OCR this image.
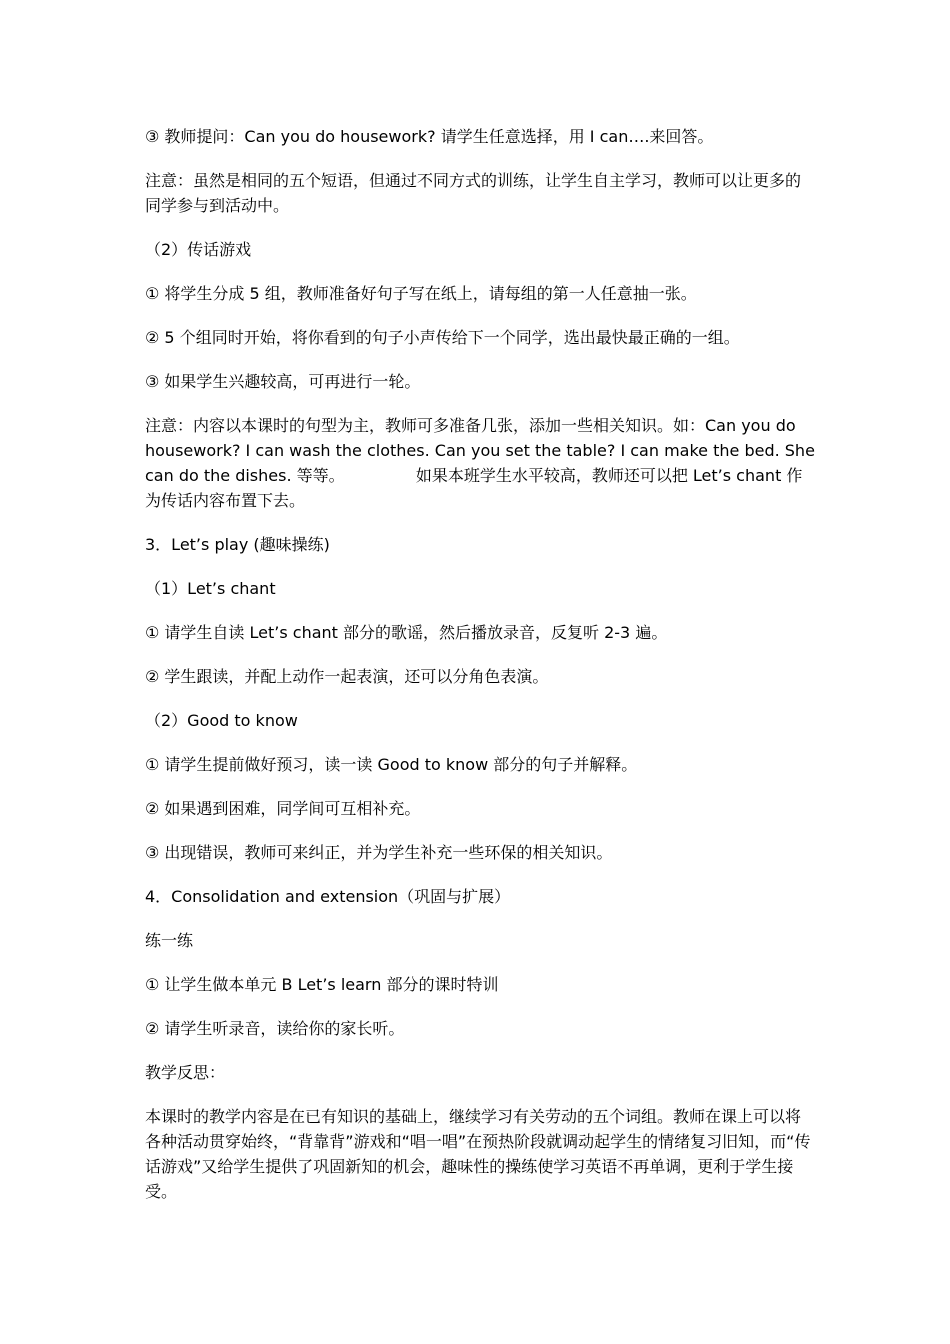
③ 教师提问：Can you do housework? 请学生任意选择，用 I can….来回答。

注意：虽然是相同的五个短语，但通过不同方式的训练，让学生自主学习，教师可以让更多的同学参与到活动中。

（2）传话游戏

① 将学生分成 5 组，教师准备好句子写在纸上，请每组的第一人任意抽一张。

② 5 个组同时开始，将你看到的句子小声传给下一个同学，选出最快最正确的一组。

③ 如果学生兴趣较高，可再进行一轮。

注意：内容以本课时的句型为主，教师可多准备几张，添加一些相关知识。如：Can you do housework? I can wash the clothes. Can you set the table? I can make the bed. She can do the dishes. 等等。              如果本班学生水平较高，教师还可以把 Let’s chant 作为传话内容布置下去。

3．Let’s play (趣味操练)

（1）Let’s chant

① 请学生自读 Let’s chant 部分的歌谣，然后播放录音，反复听 2-3 遍。

② 学生跟读，并配上动作一起表演，还可以分角色表演。

（2）Good to know

① 请学生提前做好预习，读一读 Good to know 部分的句子并解释。

② 如果遇到困难，同学间可互相补充。

③ 出现错误，教师可来纠正，并为学生补充一些环保的相关知识。

4．Consolidation and extension（巩固与扩展）

练一练

① 让学生做本单元 B Let’s learn 部分的课时特训

② 请学生听录音，读给你的家长听。

教学反思：

本课时的教学内容是在已有知识的基础上，继续学习有关劳动的五个词组。教师在课上可以将各种活动贯穿始终，“背靠背”游戏和“唱一唱”在预热阶段就调动起学生的情绪复习旧知，而“传话游戏”又给学生提供了巩固新知的机会，趣味性的操练使学习英语不再单调，更利于学生接受。
